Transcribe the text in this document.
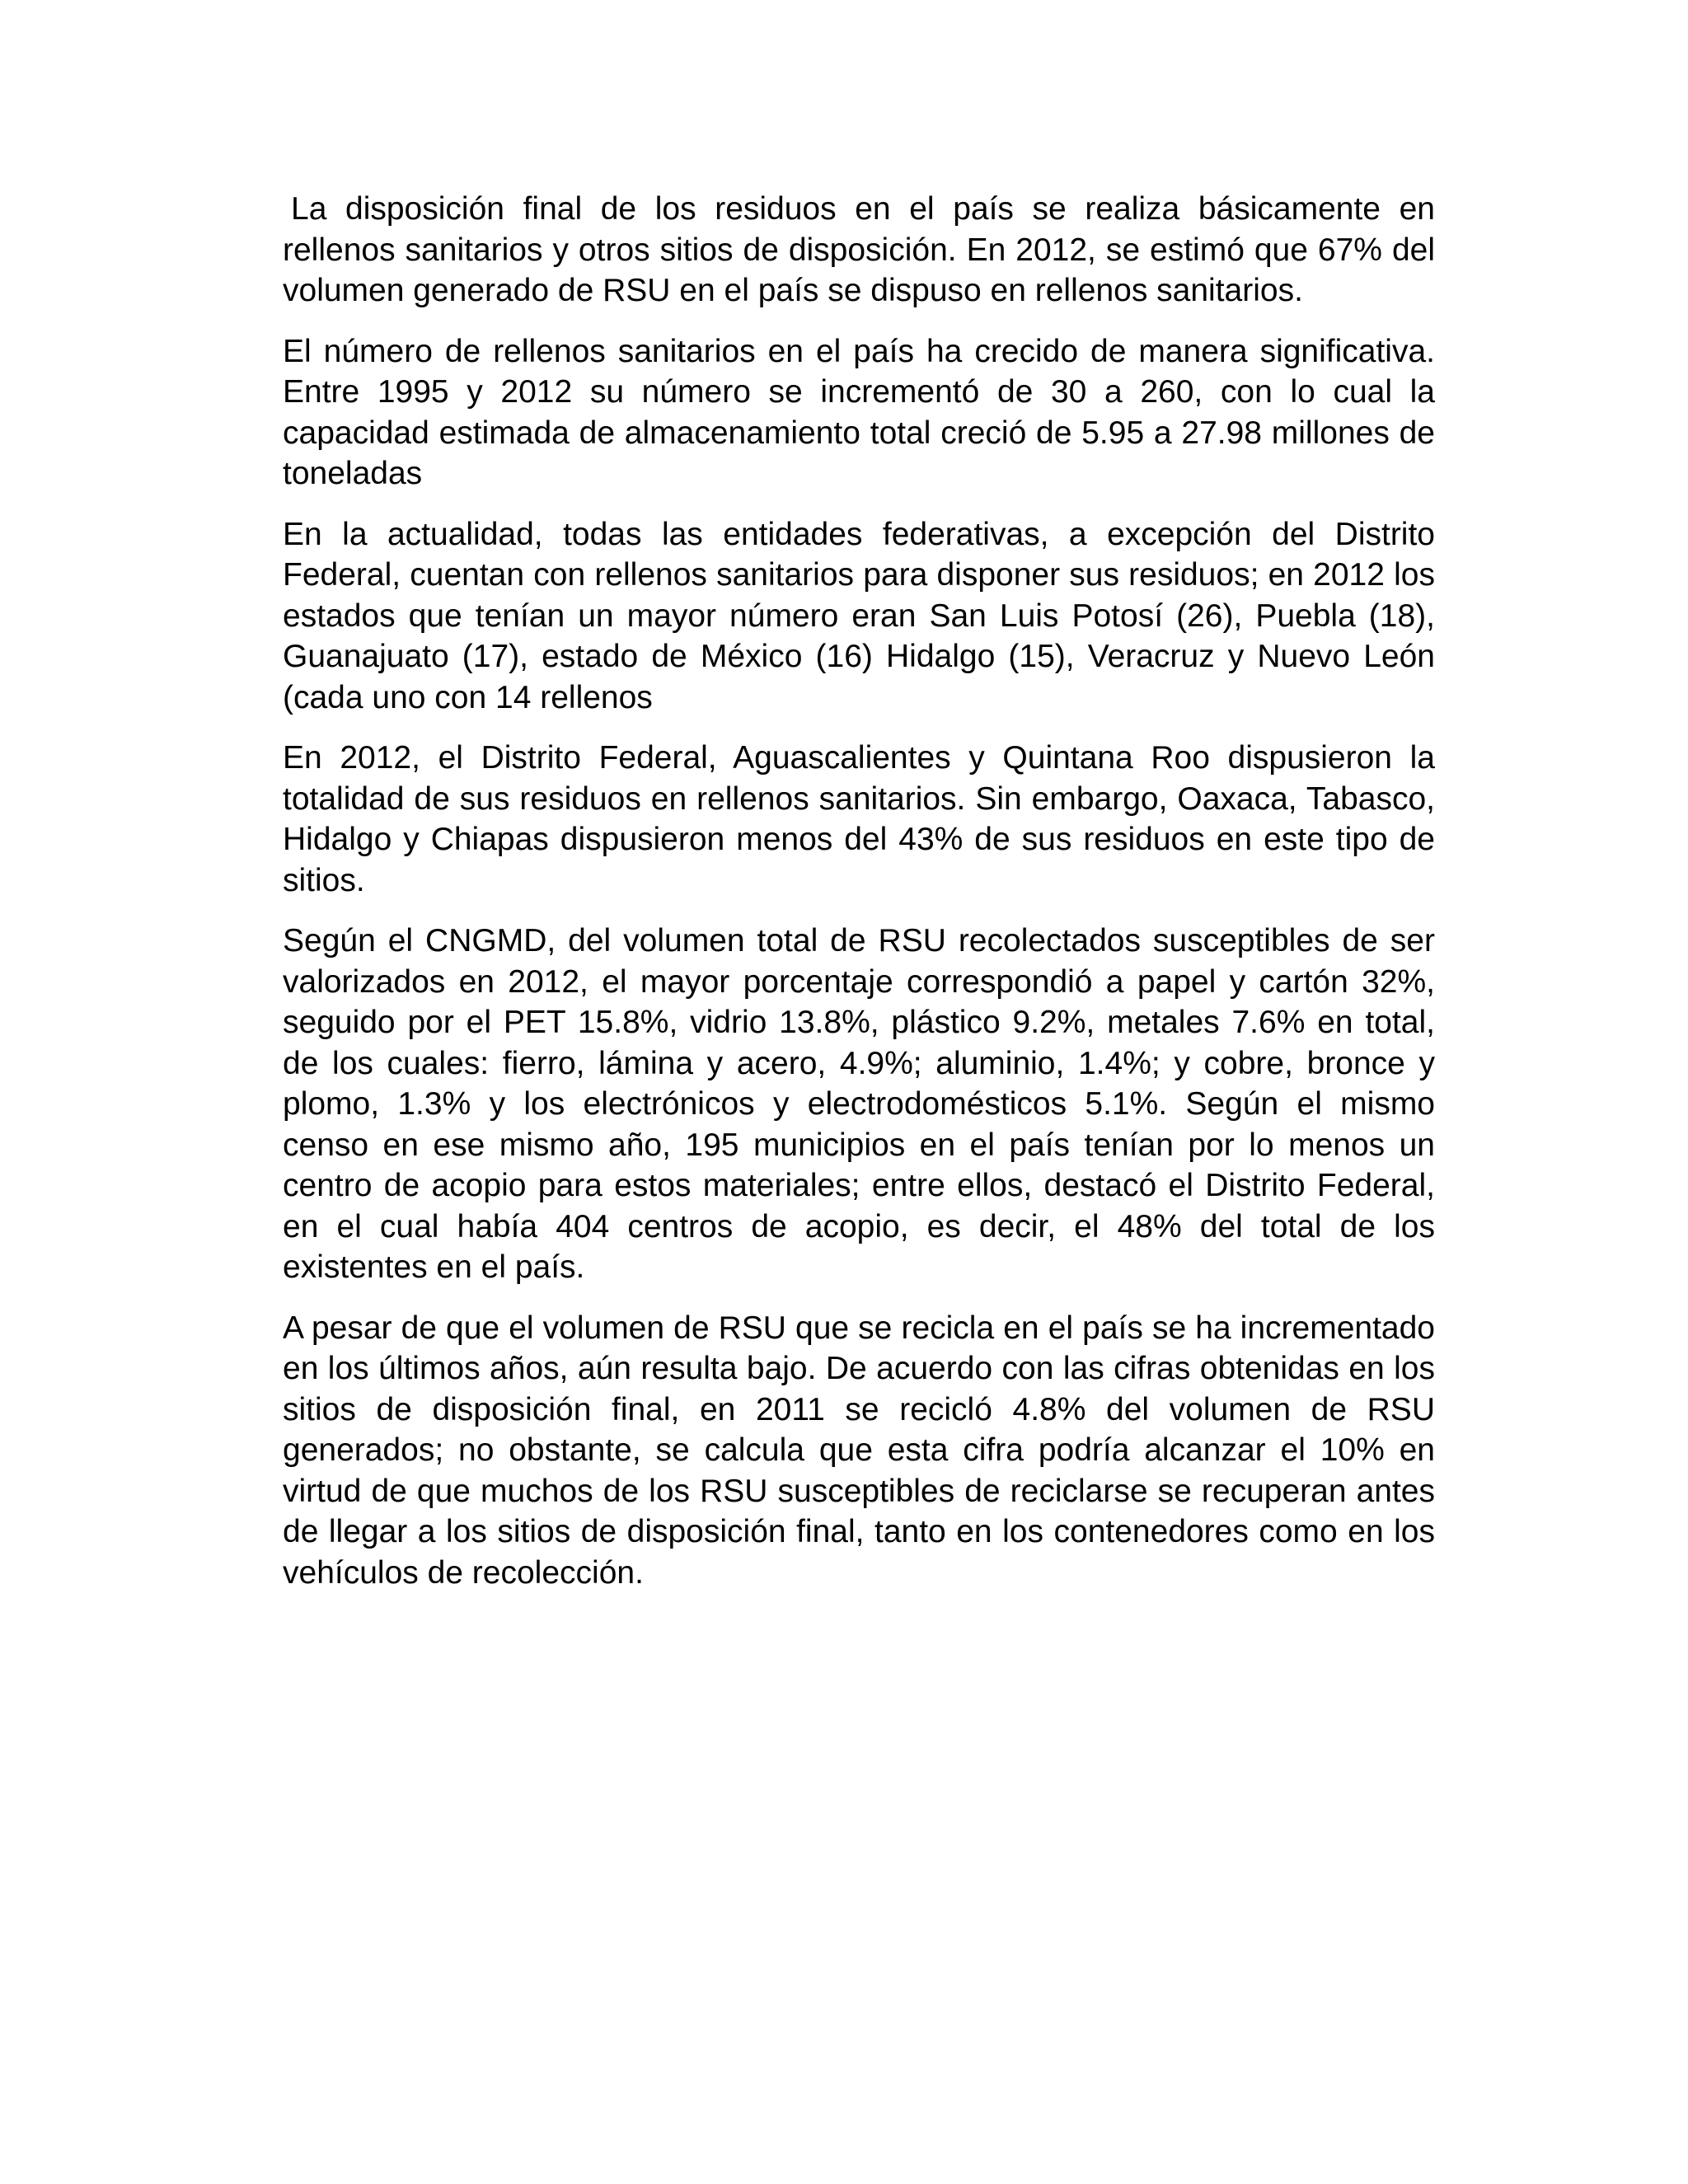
La disposición final de los residuos en el país se realiza básicamente en rellenos sanitarios y otros sitios de disposición. En 2012, se estimó que 67% del volumen generado de RSU en el país se dispuso en rellenos sanitarios.

El número de rellenos sanitarios en el país ha crecido de manera significativa. Entre 1995 y 2012 su número se incrementó de 30 a 260, con lo cual la capacidad estimada de almacenamiento total creció de 5.95 a 27.98 millones de toneladas

En la actualidad, todas las entidades federativas, a excepción del Distrito Federal, cuentan con rellenos sanitarios para disponer sus residuos; en 2012 los estados que tenían un mayor número eran San Luis Potosí (26), Puebla (18), Guanajuato (17), estado de México (16) Hidalgo (15), Veracruz y Nuevo León (cada uno con 14 rellenos

En 2012, el Distrito Federal, Aguascalientes y Quintana Roo dispusieron la totalidad de sus residuos en rellenos sanitarios. Sin embargo, Oaxaca, Tabasco, Hidalgo y Chiapas dispusieron menos del 43% de sus residuos en este tipo de sitios.

Según el CNGMD, del volumen total de RSU recolectados susceptibles de ser valorizados en 2012, el mayor porcentaje correspondió a papel y cartón 32%, seguido por el PET 15.8%, vidrio 13.8%, plástico 9.2%, metales 7.6% en total, de los cuales: fierro, lámina y acero, 4.9%; aluminio, 1.4%; y cobre, bronce y plomo, 1.3% y los electrónicos y electrodomésticos 5.1%. Según el mismo censo en ese mismo año, 195 municipios en el país tenían por lo menos un centro de acopio para estos materiales; entre ellos, destacó el Distrito Federal, en el cual había 404 centros de acopio, es decir, el 48% del total de los existentes en el país.

A pesar de que el volumen de RSU que se recicla en el país se ha incrementado en los últimos años, aún resulta bajo. De acuerdo con las cifras obtenidas en los sitios de disposición final, en 2011 se recicló 4.8% del volumen de RSU generados; no obstante, se calcula que esta cifra podría alcanzar el 10% en virtud de que muchos de los RSU susceptibles de reciclarse se recuperan antes de llegar a los sitios de disposición final, tanto en los contenedores como en los vehículos de recolección.
